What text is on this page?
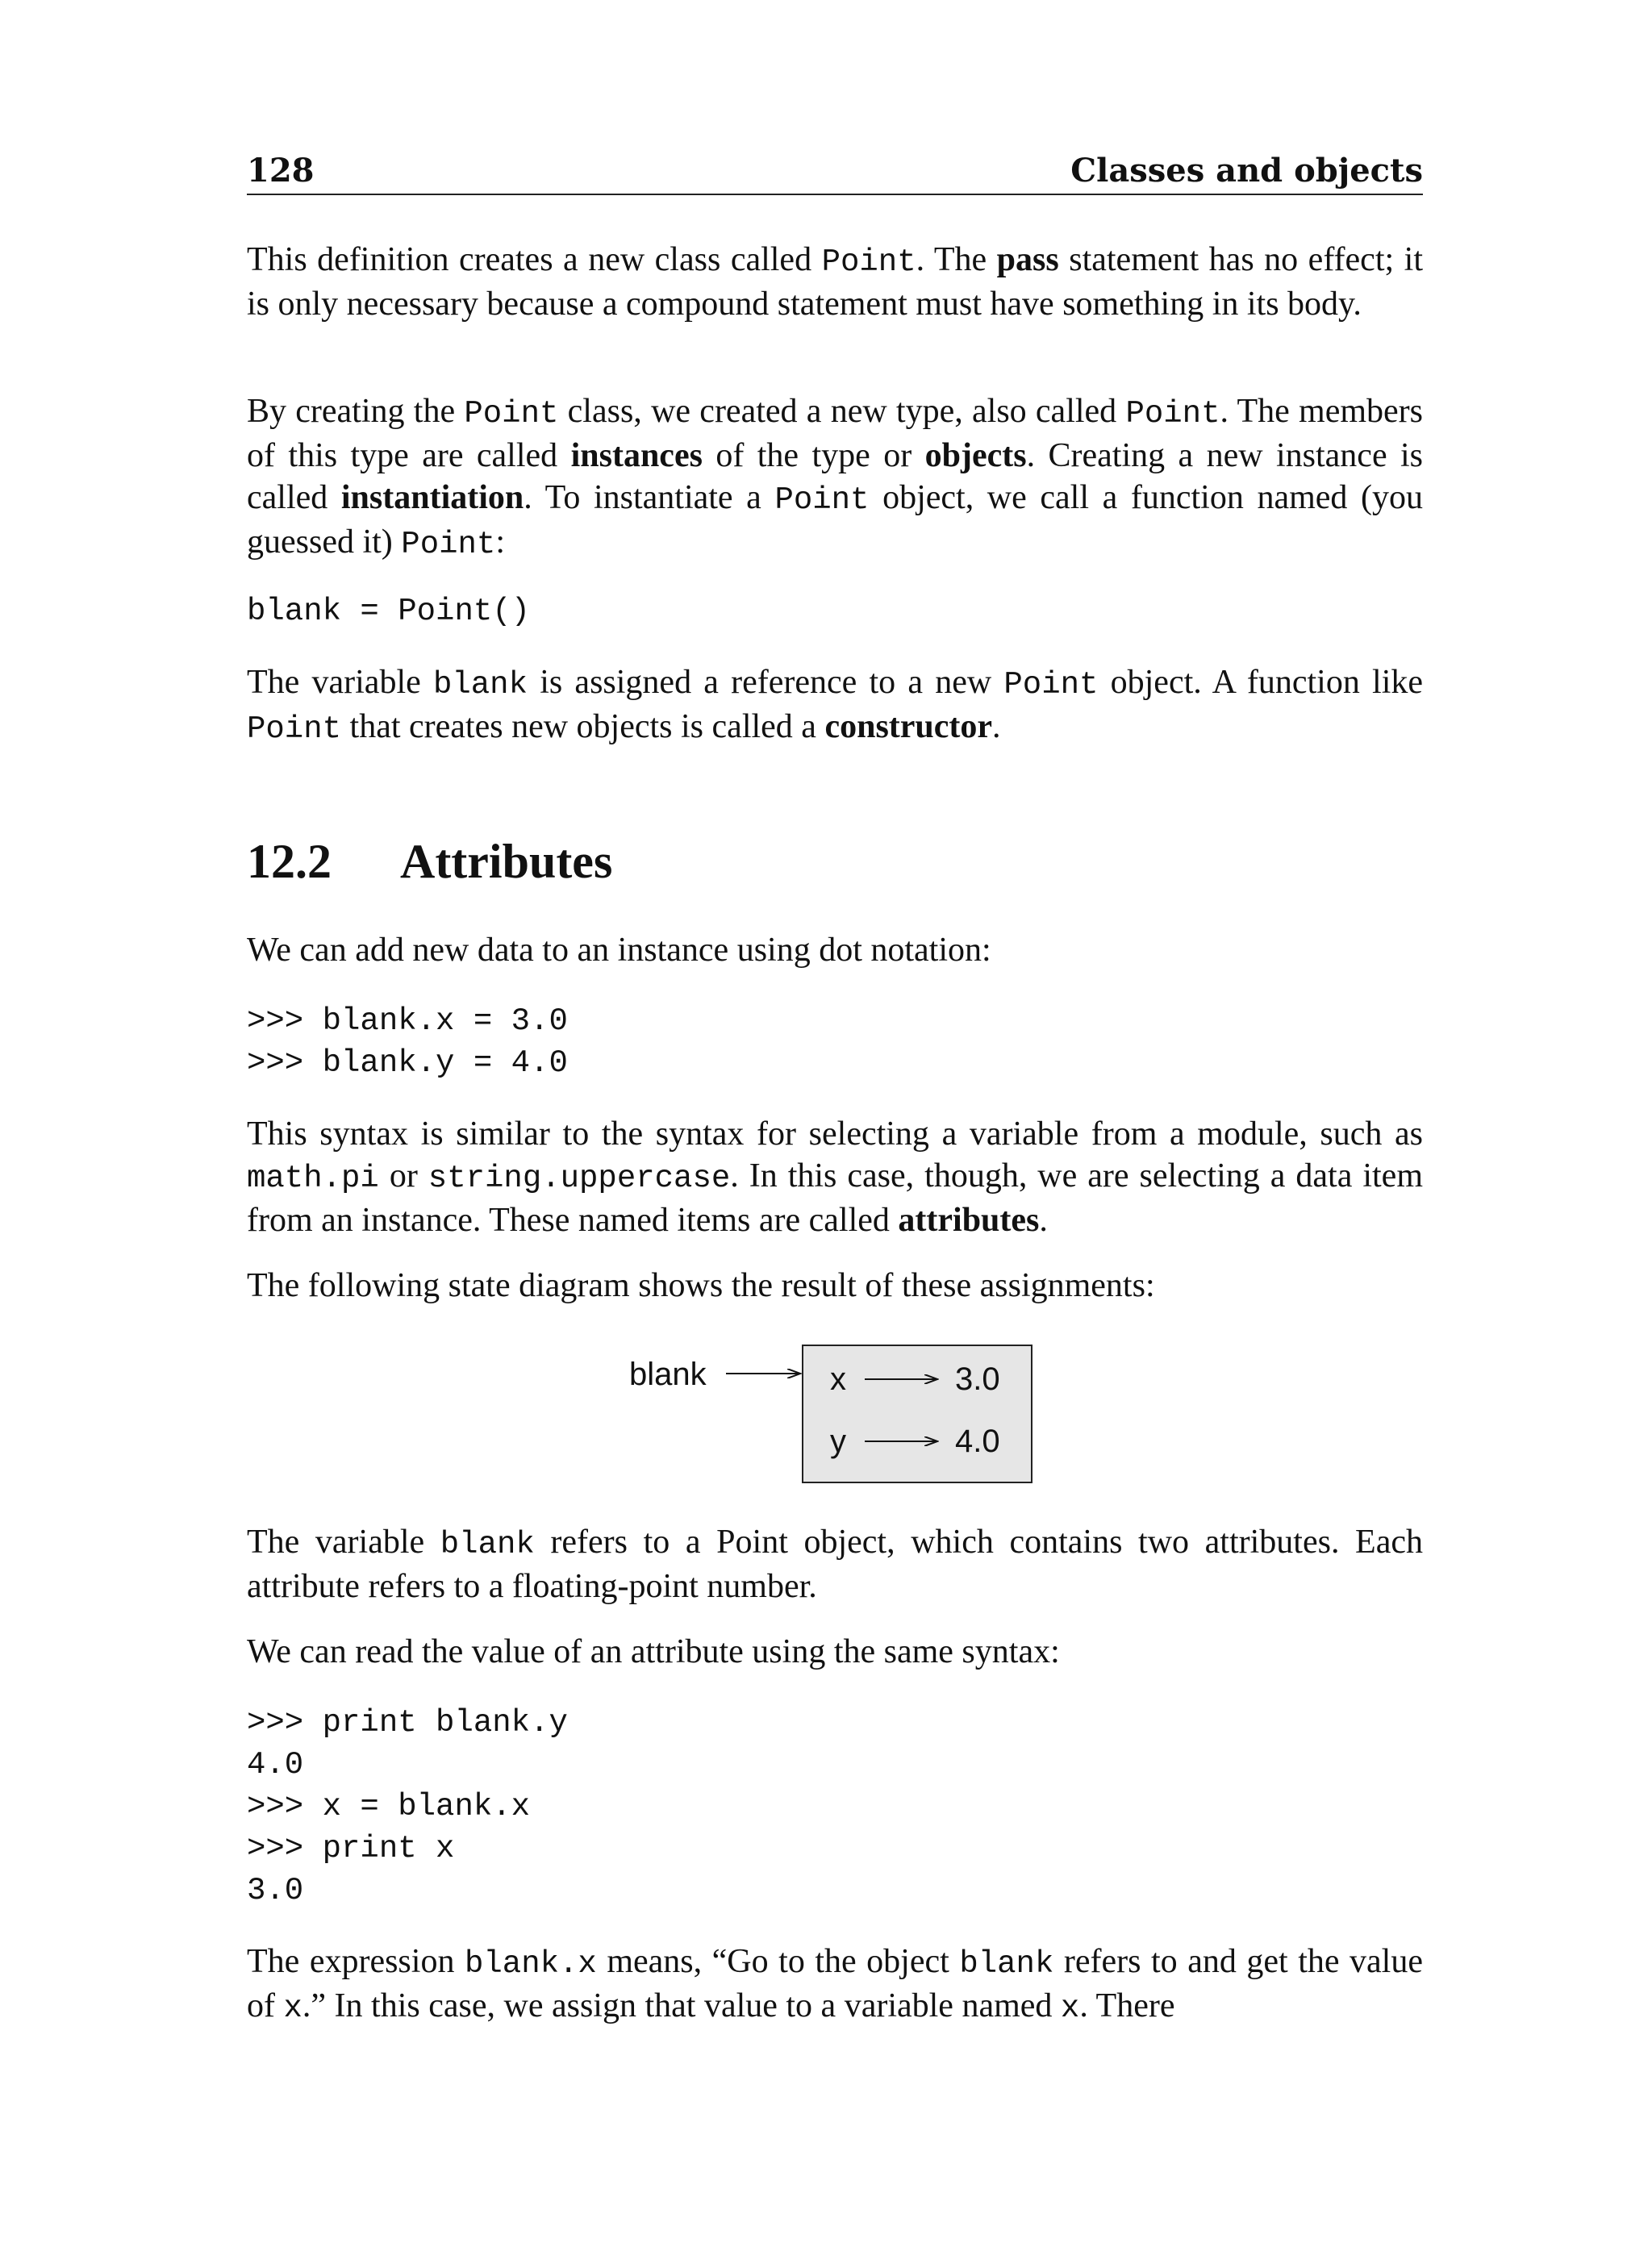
128	Classes and objects

This definition creates a new class called Point. The pass statement has no effect; it is only necessary because a compound statement must have something in its body.

By creating the Point class, we created a new type, also called Point. The members of this type are called instances of the type or objects. Creating a new instance is called instantiation. To instantiate a Point object, we call a function named (you guessed it) Point:

blank = Point()

The variable blank is assigned a reference to a new Point object. A function like Point that creates new objects is called a constructor.

12.2 Attributes

We can add new data to an instance using dot notation:

>>> blank.x = 3.0
>>> blank.y = 4.0

This syntax is similar to the syntax for selecting a variable from a module, such as math.pi or string.uppercase. In this case, though, we are selecting a data item from an instance. These named items are called attributes.

The following state diagram shows the result of these assignments:

blank	x	3.0
y	4.0

The variable blank refers to a Point object, which contains two attributes. Each attribute refers to a floating-point number.

We can read the value of an attribute using the same syntax:

>>> print blank.y
4.0
>>> x = blank.x
>>> print x
3.0

The expression blank.x means, “Go to the object blank refers to and get the value of x.” In this case, we assign that value to a variable named x. There
